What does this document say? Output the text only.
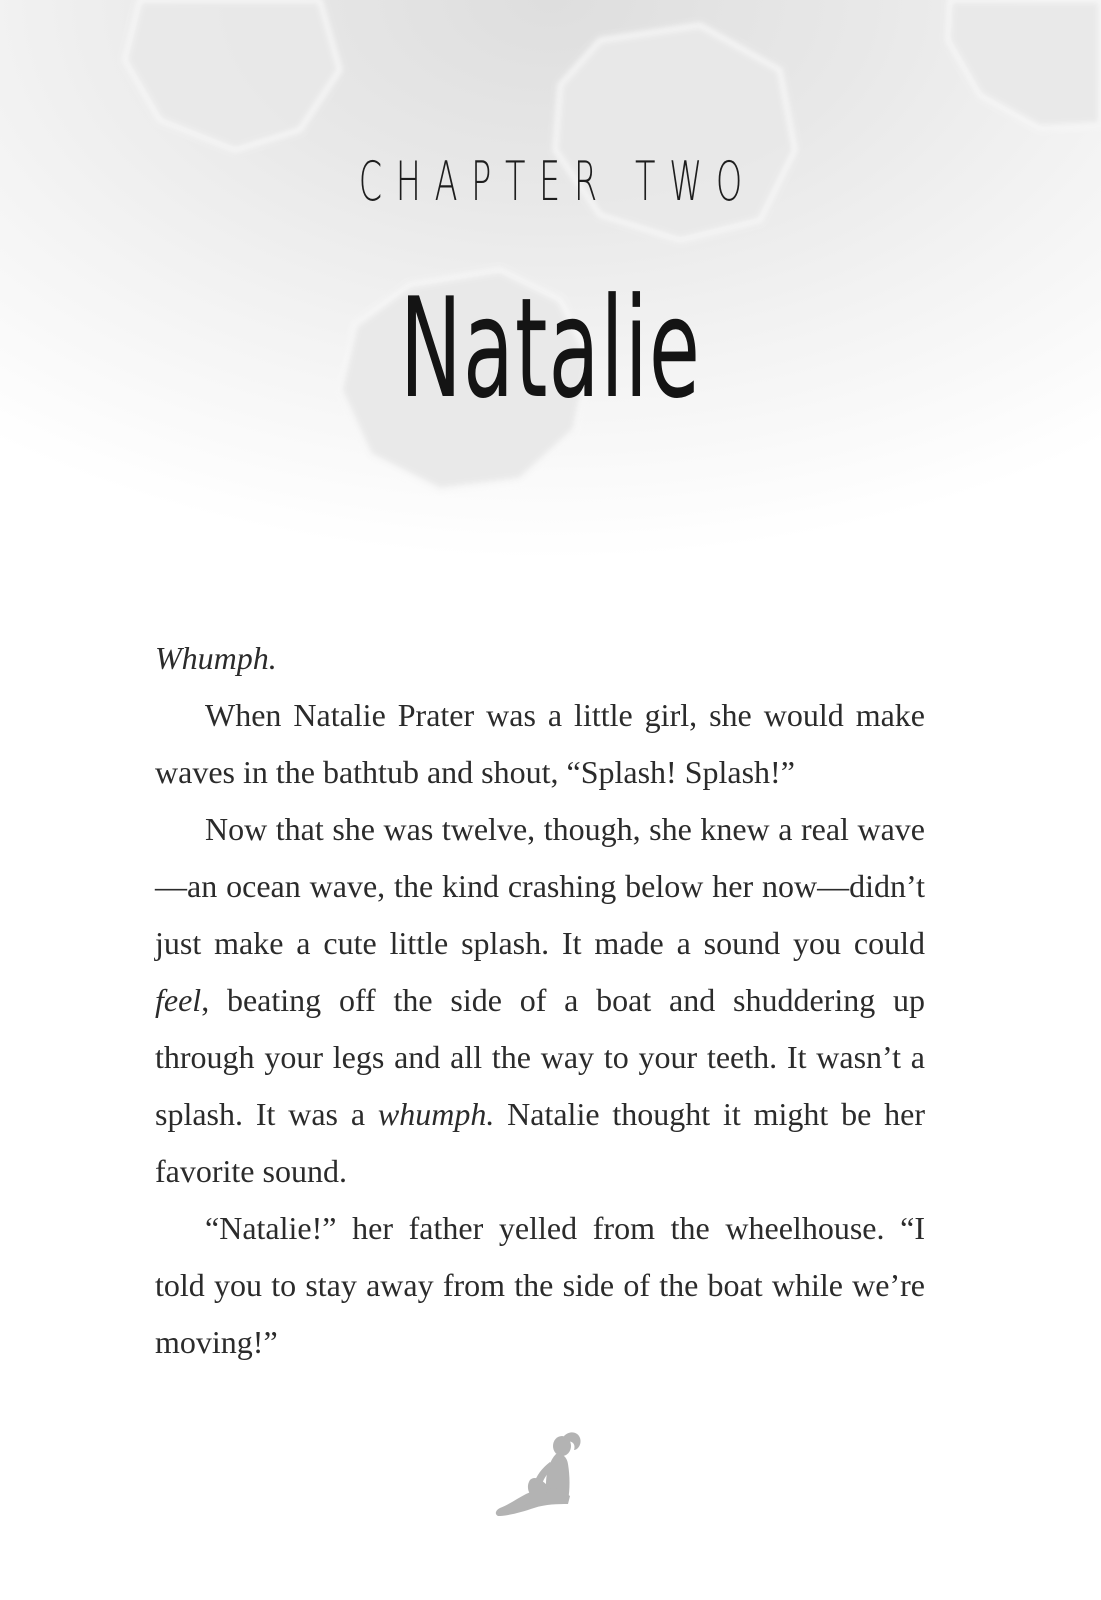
CHAPTER TWO
Natalie

Whumph.

When Natalie Prater was a little girl, she would make waves in the bathtub and shout, “Splash! Splash!”

Now that she was twelve, though, she knew a real wave—an ocean wave, the kind crashing below her now—didn’t just make a cute little splash. It made a sound you could feel, beating off the side of a boat and shuddering up through your legs and all the way to your teeth. It wasn’t a splash. It was a whumph. Natalie thought it might be her favorite sound.

“Natalie!” her father yelled from the wheelhouse. “I told you to stay away from the side of the boat while we’re moving!”
